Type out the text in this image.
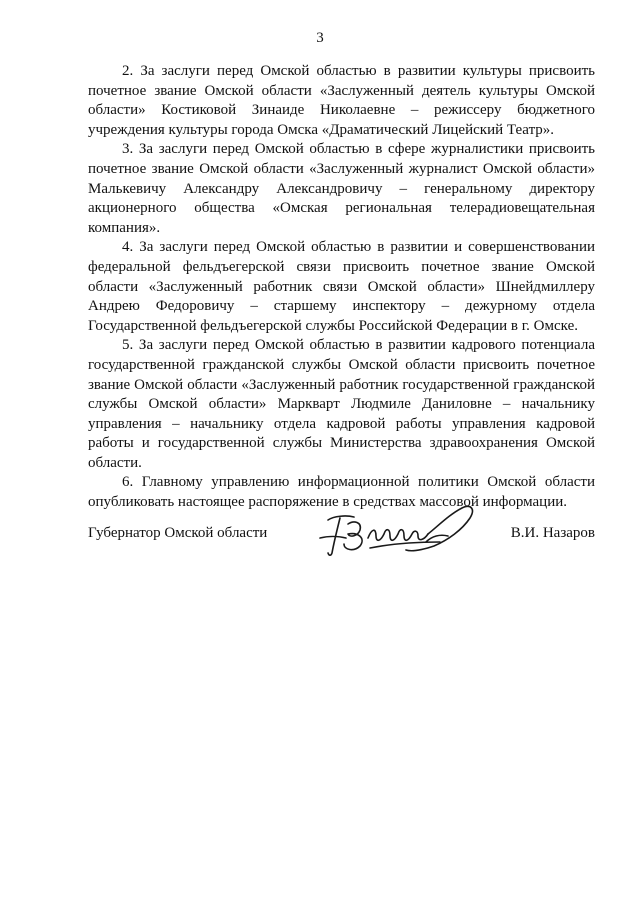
3

2. За заслуги перед Омской областью в развитии культуры присвоить почетное звание Омской области «Заслуженный деятель культуры Омской области» Костиковой Зинаиде Николаевне – режиссеру бюджетного учреждения культуры города Омска «Драматический Лицейский Театр».

3. За заслуги перед Омской областью в сфере журналистики присвоить почетное звание Омской области «Заслуженный журналист Омской области» Малькевичу Александру Александровичу – генеральному директору акционерного общества «Омская региональная телерадиовещательная компания».

4. За заслуги перед Омской областью в развитии и совершенствовании федеральной фельдъегерской связи присвоить почетное звание Омской области «Заслуженный работник связи Омской области» Шнейдмиллеру Андрею Федоровичу – старшему инспектору – дежурному отдела Государственной фельдъегерской службы Российской Федерации в г. Омске.

5. За заслуги перед Омской областью в развитии кадрового потенциала государственной гражданской службы Омской области присвоить почетное звание Омской области «Заслуженный работник государственной гражданской службы Омской области» Маркварт Людмиле Даниловне – начальнику управления – начальнику отдела кадровой работы управления кадровой работы и государственной службы Министерства здравоохранения Омской области.

6. Главному управлению информационной политики Омской области опубликовать настоящее распоряжение в средствах массовой информации.

Губернатор Омской области	В.И. Назаров
